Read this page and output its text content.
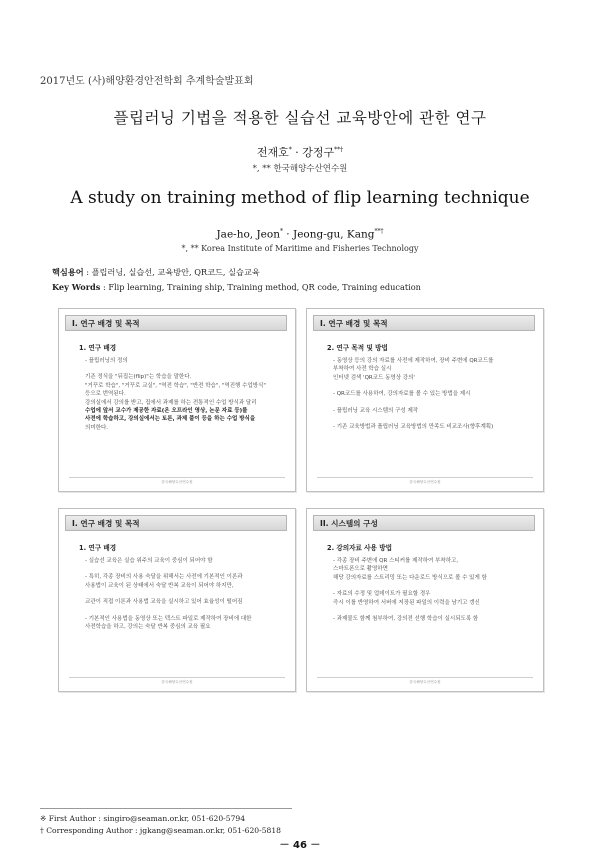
2017년도 (사)해양환경안전학회 추계학술발표회
플립러닝 기법을 적용한 실습선 교육방안에 관한 연구
전재호* · 강정구**†
*, ** 한국해양수산연수원
A study on training method of flip learning technique
Jae-ho, Jeon* · Jeong-gu, Kang**†
*, ** Korea Institute of Maritime and Fisheries Technology
핵심용어 : 플립러닝, 실습선, 교육방안, QR코드, 실습교육
Key Words : Flip learning, Training ship, Training method, QR code, Training education
I. 연구 배경 및 목적
1. 연구 배경
- 플립러닝의 정의
기존 정식을 "뒤집는(flip)"는 학습을 말한다.
"거꾸로 학습", "거꾸로 교실", "역전 학습", "반전 학습", "역진행 수업방식"
등으로 번역된다.
강의실에서 강의를 받고, 집에서 과제를 하는 전통적인 수업 방식과 달리
수업에 앞서 교수가 제공한 자료(온 오프라인 영상, 논문 자료 등)를
사전에 학습하고, 강의실에서는 토론, 과제 풀이 등을 하는 수업 방식을
의미한다.
한국해양수산연수원
I. 연구 배경 및 목적
2. 연구 목적 및 방법
- 동영상 등의 강의 자료를 사전에 제작하여, 장비 주변에 QR코드를
부착하여 사전 학습 실시
인터넷 검색 'QR코드 동영상 강의'
- QR코드를 사용하여, 강의자료를 볼 수 있는 방법을 제시
- 플립러닝 교육 시스템의 구성 제작
- 기존 교육방법과 플립러닝 교육방법의 만족도 비교조사(향후계획)
한국해양수산연수원
I. 연구 배경 및 목적
1. 연구 배경
- 실습선 교육은 실습 위주의 교육이 중심이 되어야 함
- 특히, 각종 장비의 사용 숙달을 위해서는 사전에 기본적인 이론과
사용법이 교육이 된 상태에서 숙달 반복 교육이 되어야 하지만,
교관이 직접 이론과 사용법 교육을 실시하고 있어 효율성이 떨어짐
- 기본적인 사용법을 동영상 또는 텍스트 파일로 제작하여 장비에 대한
사전학습을 하고, 강의는 숙달 반복 중심의 교육 필요
한국해양수산연수원
II. 시스템의 구성
2. 강의자료 사용 방법
- 각종 장비 주변에 QR 스티커를 제작하여 부착하고,
스마트폰으로 촬영하면
해당 강의자료를 스트리밍 또는 다운로드 방식으로 볼 수 있게 함
- 자료의 수정 및 업데이트가 필요할 경우
즉시 이를 반영하여 서버에 저장된 파일의 이력을 남기고 갱신
- 과제물도 함께 첨부하여, 강의전 선행 학습이 실시되도록 함
한국해양수산연수원
※ First Author : singiro@seaman.or.kr, 051-620-5794
† Corresponding Author : jgkang@seaman.or.kr, 051-620-5818
－ 46 －
